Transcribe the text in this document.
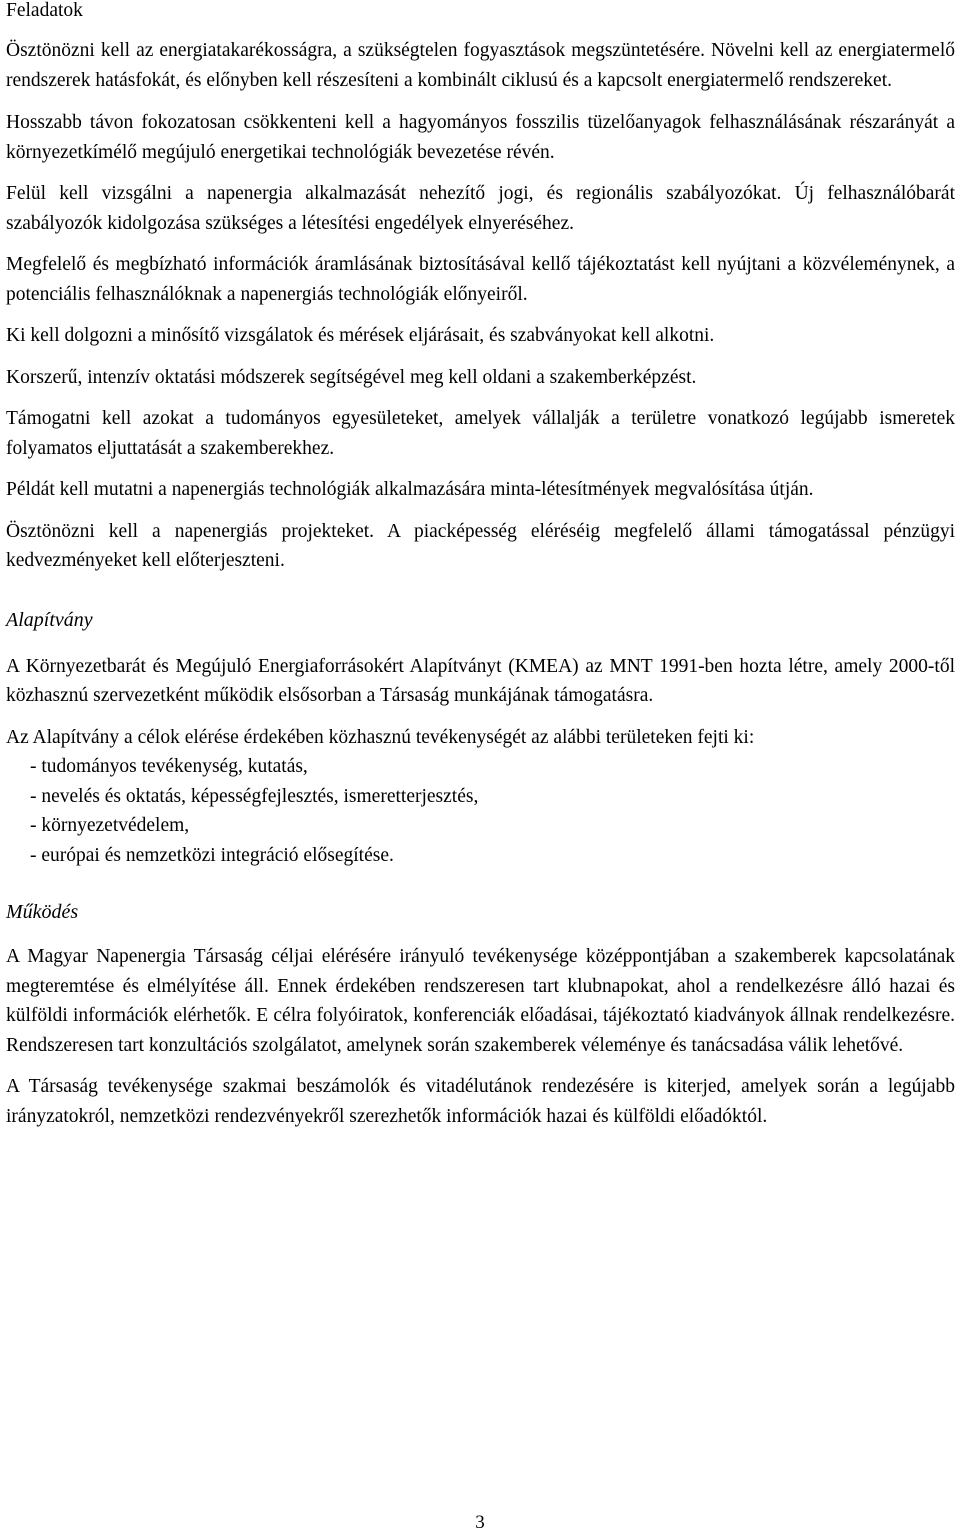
Feladatok

Ösztönözni kell az energiatakarékosságra, a szükségtelen fogyasztások megszüntetésére. Növelni kell az energiatermelő rendszerek hatásfokát, és előnyben kell részesíteni a kombinált ciklusú és a kapcsolt energiatermelő rendszereket.

Hosszabb távon fokozatosan csökkenteni kell a hagyományos fosszilis tüzelőanyagok felhasználásának részarányát a környezetkímélő megújuló energetikai technológiák bevezetése révén.

Felül kell vizsgálni a napenergia alkalmazását nehezítő jogi, és regionális szabályozókat. Új felhasználóbarát szabályozók kidolgozása szükséges a létesítési engedélyek elnyeréséhez.

Megfelelő és megbízható információk áramlásának biztosításával kellő tájékoztatást kell nyújtani a közvéleménynek, a potenciális felhasználóknak a napenergiás technológiák előnyeiről.

Ki kell dolgozni a minősítő vizsgálatok és mérések eljárásait, és szabványokat kell alkotni.

Korszerű, intenzív oktatási módszerek segítségével meg kell oldani a szakemberképzést.

Támogatni kell azokat a tudományos egyesületeket, amelyek vállalják a területre vonatkozó legújabb ismeretek folyamatos eljuttatását a szakemberekhez.

Példát kell mutatni a napenergiás technológiák alkalmazására minta-létesítmények megvalósítása útján.

Ösztönözni kell a napenergiás projekteket. A piacképesség eléréséig megfelelő állami támogatással pénzügyi kedvezményeket kell előterjeszteni.

Alapítvány

A Környezetbarát és Megújuló Energiaforrásokért Alapítványt (KMEA) az MNT 1991-ben hozta létre, amely 2000-től közhasznú szervezetként működik elsősorban a Társaság munkájának támogatásra.

Az Alapítvány a célok elérése érdekében közhasznú tevékenységét az alábbi területeken fejti ki:

- tudományos tevékenység, kutatás,
- nevelés és oktatás, képességfejlesztés, ismeretterjesztés,
- környezetvédelem,
- európai és nemzetközi integráció elősegítése.
Működés

A Magyar Napenergia Társaság céljai elérésére irányuló tevékenysége középpontjában a szakemberek kapcsolatának megteremtése és elmélyítése áll. Ennek érdekében rendszeresen tart klubnapokat, ahol a rendelkezésre álló hazai és külföldi információk elérhetők. E célra folyóiratok, konferenciák előadásai, tájékoztató kiadványok állnak rendelkezésre. Rendszeresen tart konzultációs szolgálatot, amelynek során szakemberek véleménye és tanácsadása válik lehetővé.

A Társaság tevékenysége szakmai beszámolók és vitadélutánok rendezésére is kiterjed, amelyek során a legújabb irányzatokról, nemzetközi rendezvényekről szerezhetők információk hazai és külföldi előadóktól.

3
